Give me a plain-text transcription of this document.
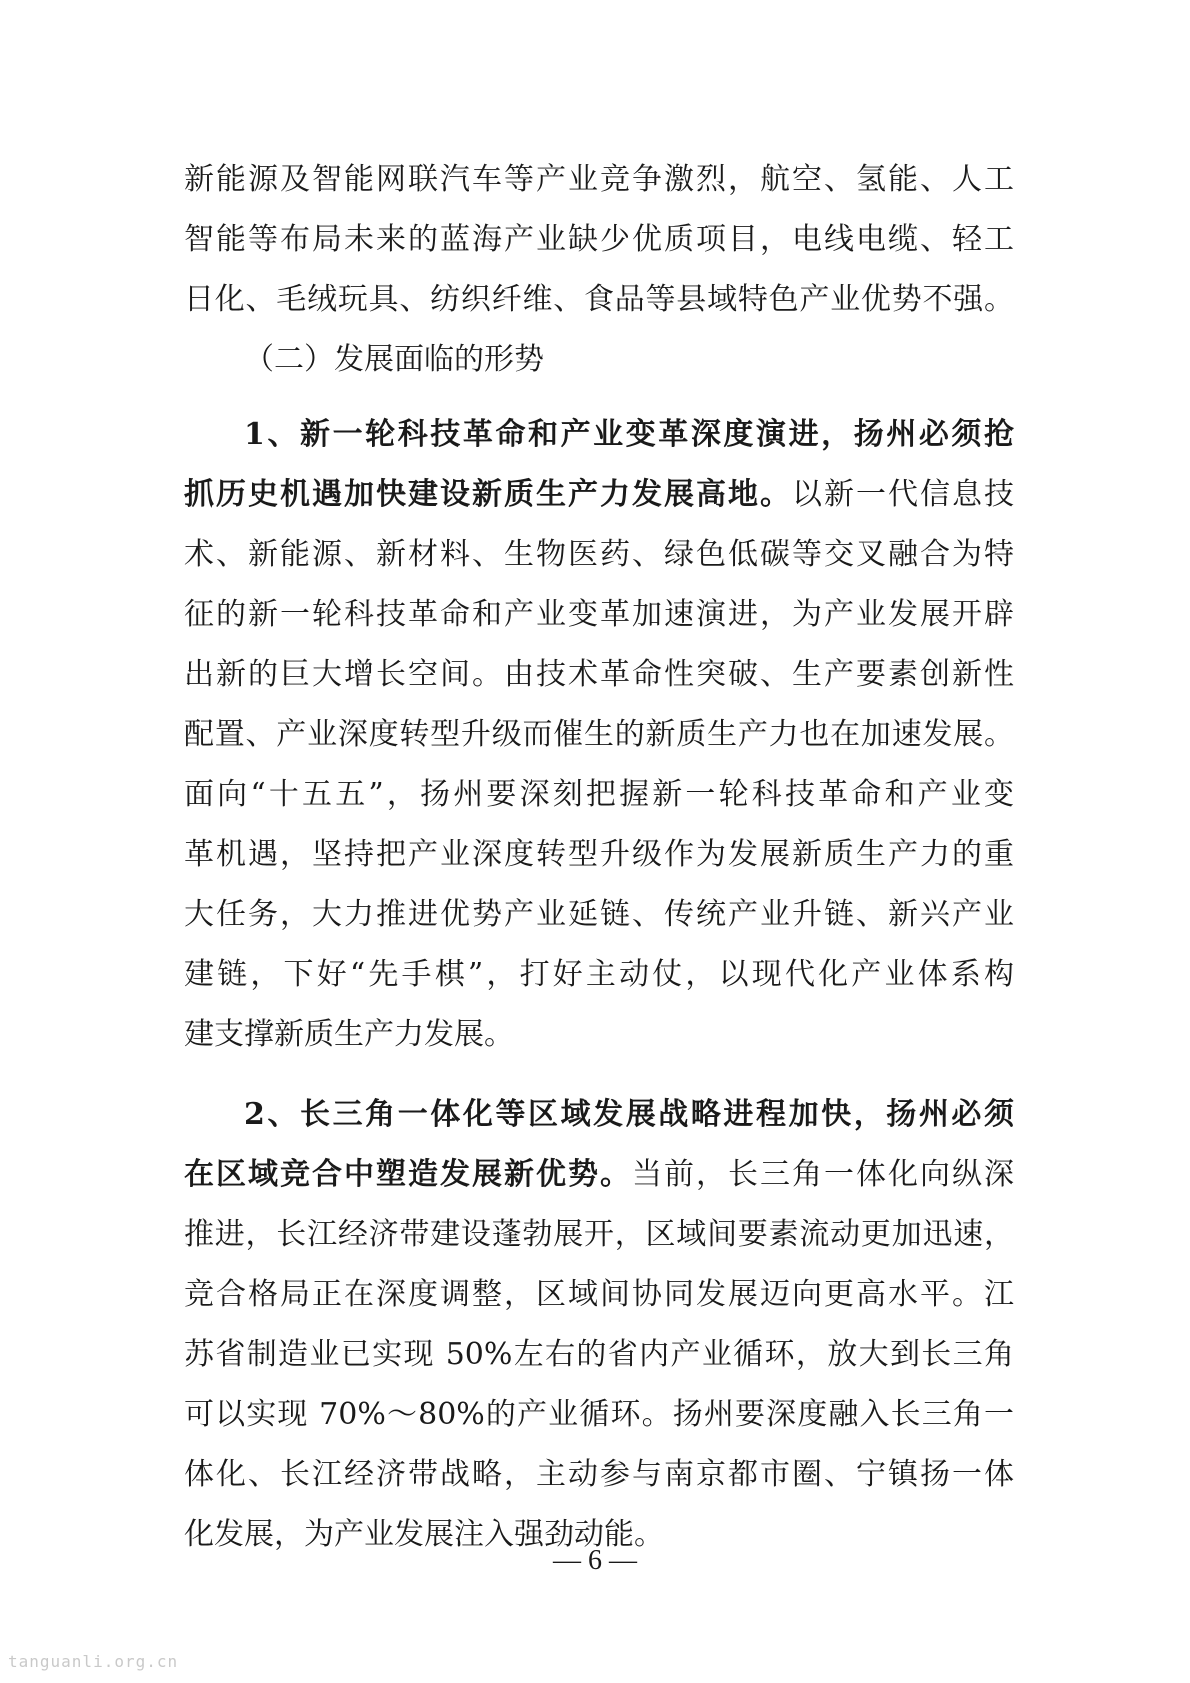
新能源及智能网联汽车等产业竞争激烈，航空、氢能、人工
智能等布局未来的蓝海产业缺少优质项目，电线电缆、轻工
日化、毛绒玩具、纺织纤维、食品等县域特色产业优势不强。
（二）发展面临的形势
1、新一轮科技革命和产业变革深度演进，扬州必须抢
抓历史机遇加快建设新质生产力发展高地。以新一代信息技
术、新能源、新材料、生物医药、绿色低碳等交叉融合为特
征的新一轮科技革命和产业变革加速演进，为产业发展开辟
出新的巨大增长空间。由技术革命性突破、生产要素创新性
配置、产业深度转型升级而催生的新质生产力也在加速发展。
面向“十五五”，扬州要深刻把握新一轮科技革命和产业变
革机遇，坚持把产业深度转型升级作为发展新质生产力的重
大任务，大力推进优势产业延链、传统产业升链、新兴产业
建链，下好“先手棋”，打好主动仗，以现代化产业体系构
建支撑新质生产力发展。
2、长三角一体化等区域发展战略进程加快，扬州必须
在区域竞合中塑造发展新优势。当前，长三角一体化向纵深
推进，长江经济带建设蓬勃展开，区域间要素流动更加迅速，
竞合格局正在深度调整，区域间协同发展迈向更高水平。江
苏省制造业已实现 50%左右的省内产业循环，放大到长三角
可以实现 70%～80%的产业循环。扬州要深度融入长三角一
体化、长江经济带战略，主动参与南京都市圈、宁镇扬一体
化发展，为产业发展注入强劲动能。
— 6 —
tanguanli.org.cn
